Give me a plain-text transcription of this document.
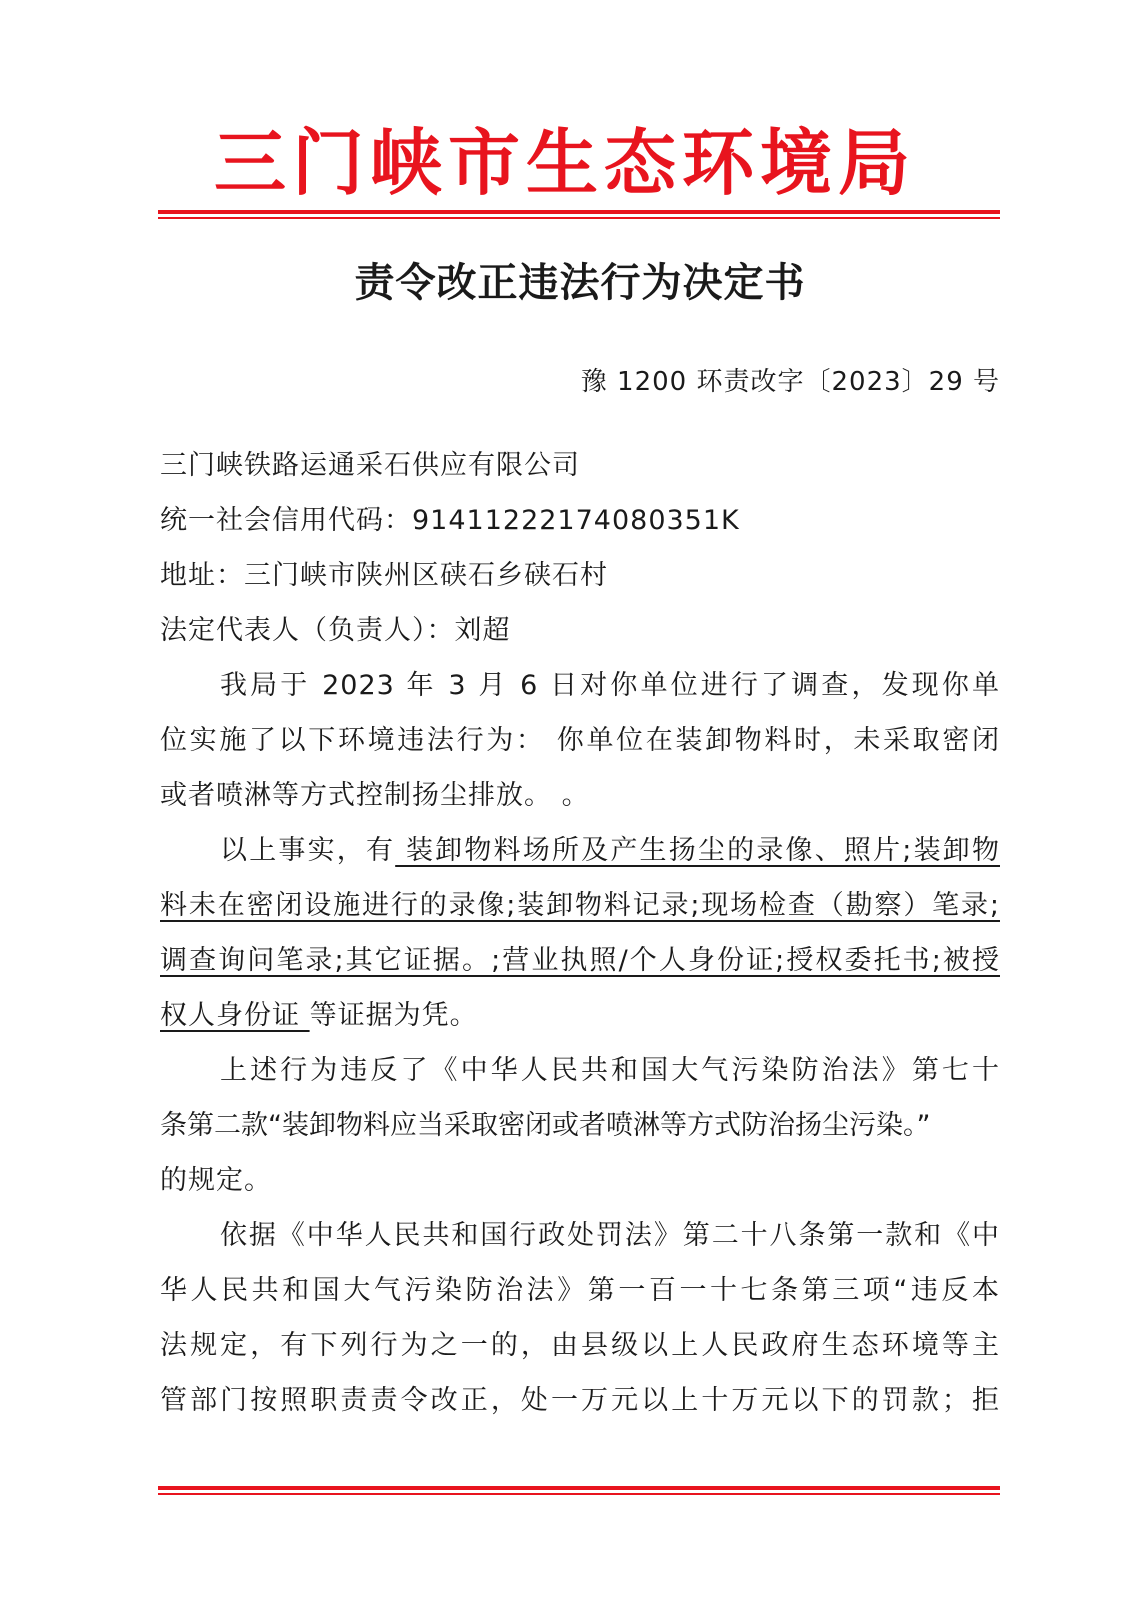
三门峡市生态环境局
责令改正违法行为决定书
豫 1200 环责改字〔2023〕29 号
三门峡铁路运通采石供应有限公司
统一社会信用代码：91411222174080351K
地址：三门峡市陕州区硖石乡硖石村
法定代表人（负责人）：刘超
我局于 2023 年 3 月 6 日对你单位进行了调查，发现你单
位实施了以下环境违法行为： 你单位在装卸物料时，未采取密闭
或者喷淋等方式控制扬尘排放。 。
以上事实，有 装卸物料场所及产生扬尘的录像、照片;装卸物
料未在密闭设施进行的录像;装卸物料记录;现场检查（勘察）笔录;
调查询问笔录;其它证据。;营业执照/个人身份证;授权委托书;被授
权人身份证 等证据为凭。
上述行为违反了《中华人民共和国大气污染防治法》第七十
条第二款“装卸物料应当采取密闭或者喷淋等方式防治扬尘污染。”
的规定。
依据《中华人民共和国行政处罚法》第二十八条第一款和《中
华人民共和国大气污染防治法》第一百一十七条第三项“违反本
法规定，有下列行为之一的，由县级以上人民政府生态环境等主
管部门按照职责责令改正，处一万元以上十万元以下的罚款；拒
